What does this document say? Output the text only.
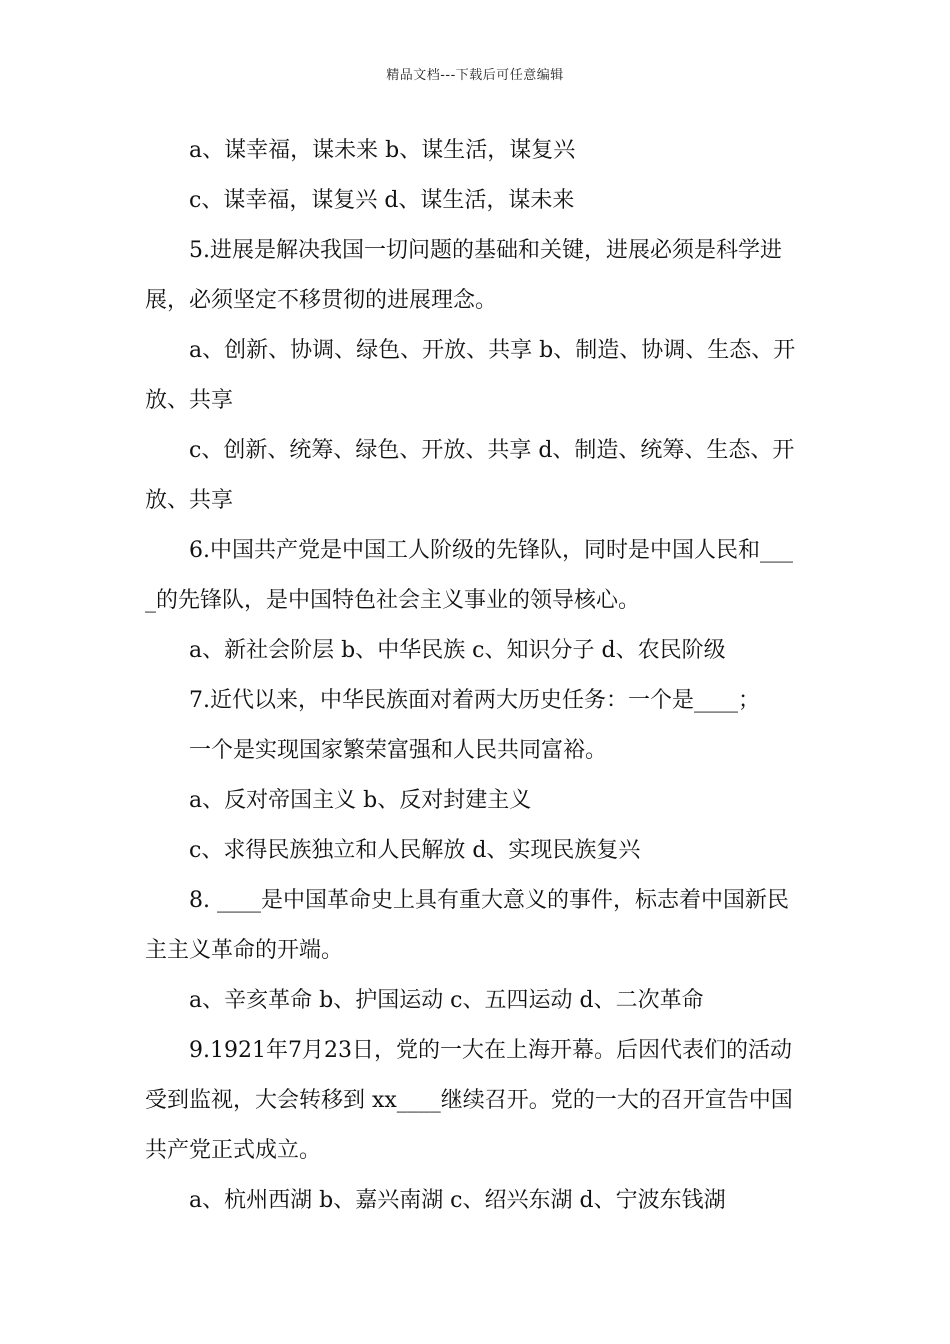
精品文档---下载后可任意编辑
a、谋幸福，谋未来 b、谋生活，谋复兴
c、谋幸福，谋复兴 d、谋生活，谋未来
5.进展是解决我国一切问题的基础和关键，进展必须是科学进
展，必须坚定不移贯彻的进展理念。
a、创新、协调、绿色、开放、共享 b、制造、协调、生态、开
放、共享
c、创新、统筹、绿色、开放、共享 d、制造、统筹、生态、开
放、共享
6.中国共产党是中国工人阶级的先锋队，同时是中国人民和___
_的先锋队，是中国特色社会主义事业的领导核心。
a、新社会阶层 b、中华民族 c、知识分子 d、农民阶级
7.近代以来，中华民族面对着两大历史任务：一个是____；
一个是实现国家繁荣富强和人民共同富裕。
a、反对帝国主义 b、反对封建主义
c、求得民族独立和人民解放 d、实现民族复兴
8. ____是中国革命史上具有重大意义的事件，标志着中国新民
主主义革命的开端。
a、辛亥革命 b、护国运动 c、五四运动 d、二次革命
9.1921年7月23日，党的一大在上海开幕。后因代表们的活动
受到监视，大会转移到 xx____继续召开。党的一大的召开宣告中国
共产党正式成立。
a、杭州西湖 b、嘉兴南湖 c、绍兴东湖 d、宁波东钱湖
